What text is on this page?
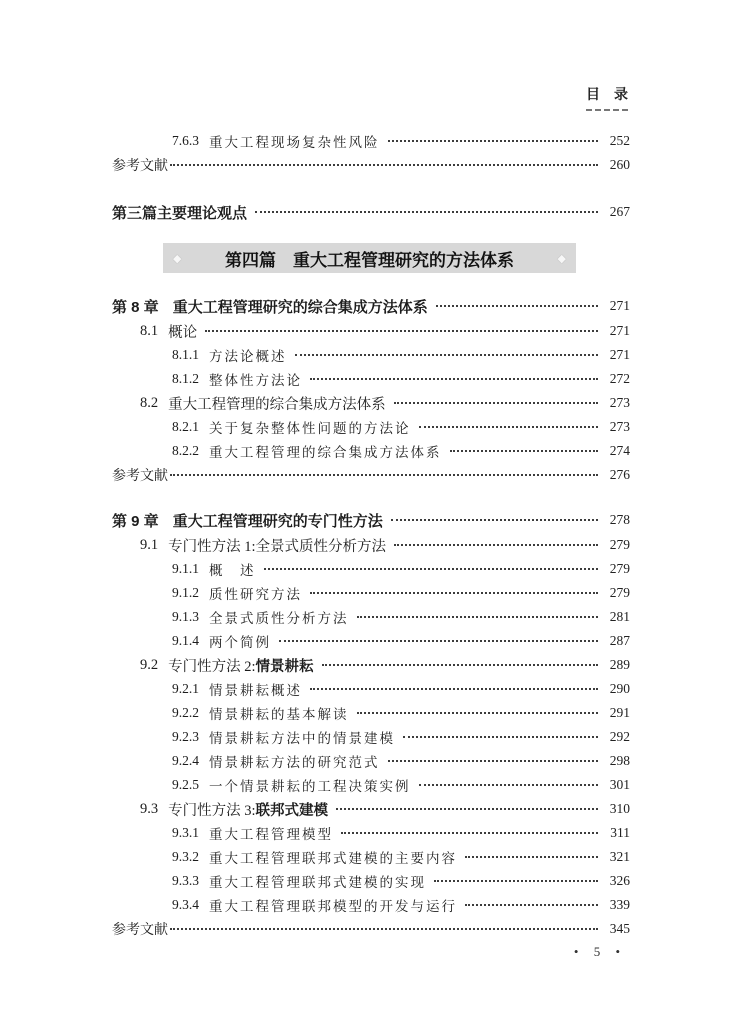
目　录
7.6.3 重大工程现场复杂性风险	252
参考文献	260
第三篇主要理论观点	267
◆	第四篇　重大工程管理研究的方法体系	◆
第 8 章 重大工程管理研究的综合集成方法体系	271
8.1 概论	271
8.1.1 方法论概述	271
8.1.2 整体性方法论	272
8.2 重大工程管理的综合集成方法体系	273
8.2.1 关于复杂整体性问题的方法论	273
8.2.2 重大工程管理的综合集成方法体系	274
参考文献	276
第 9 章 重大工程管理研究的专门性方法	278
9.1 专门性方法 1:全景式质性分析方法	279
9.1.1 概　述	279
9.1.2 质性研究方法	279
9.1.3 全景式质性分析方法	281
9.1.4 两个简例	287
9.2 专门性方法 2: 情景耕耘	289
9.2.1 情景耕耘概述	290
9.2.2 情景耕耘的基本解读	291
9.2.3 情景耕耘方法中的情景建模	292
9.2.4 情景耕耘方法的研究范式	298
9.2.5 一个情景耕耘的工程决策实例	301
9.3 专门性方法 3: 联邦式建模	310
9.3.1 重大工程管理模型	311
9.3.2 重大工程管理联邦式建模的主要内容	321
9.3.3 重大工程管理联邦式建模的实现	326
9.3.4 重大工程管理联邦模型的开发与运行	339
参考文献	345
• 5 •
